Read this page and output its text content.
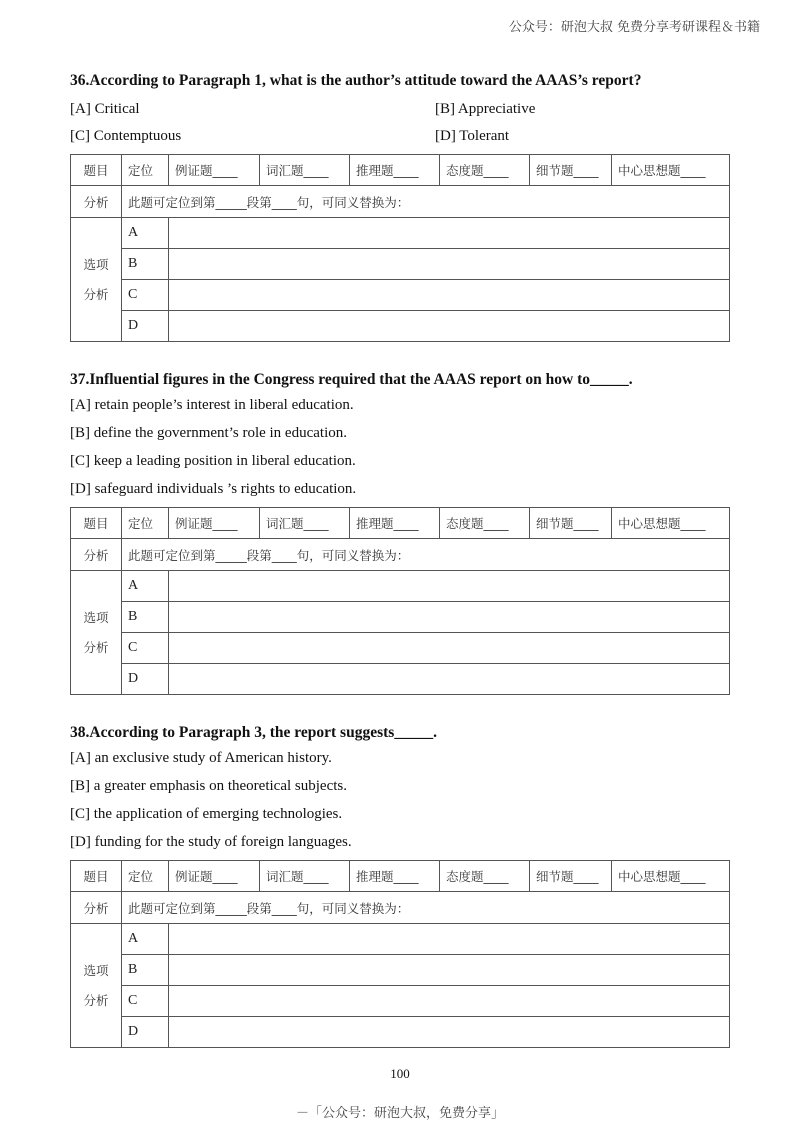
公众号：研泡大叔 免费分享考研课程＆书籍
36.According to Paragraph 1, what is the author’s attitude toward the AAAS’s report?
[A] Critical	[B] Appreciative
[C] Contemptuous	[D] Tolerant
题目	定位	例证题____	词汇题____	推理题____	态度题____	细节题____	中心思想题____
分析	此题可定位到第_____段第____句，可同义替换为：						
选项
分析	A						
	B						
	C						
	D						
37.Influential figures in the Congress required that the AAAS report on how to_____.
[A] retain people’s interest in liberal education.
[B] define the government’s role in education.
[C] keep a leading position in liberal education.
[D] safeguard individuals ’s rights to education.
题目	定位	例证题____	词汇题____	推理题____	态度题____	细节题____	中心思想题____
分析	此题可定位到第_____段第____句，可同义替换为：						
选项
分析	A						
	B						
	C						
	D						
38.According to Paragraph 3, the report suggests_____.
[A] an exclusive study of American history.
[B] a greater emphasis on theoretical subjects.
[C] the application of emerging technologies.
[D] funding for the study of foreign languages.
题目	定位	例证题____	词汇题____	推理题____	态度题____	细节题____	中心思想题____
分析	此题可定位到第_____段第____句，可同义替换为：						
选项
分析	A						
	B						
	C						
	D						
100
－「公众号：研泡大叔，免费分享」
